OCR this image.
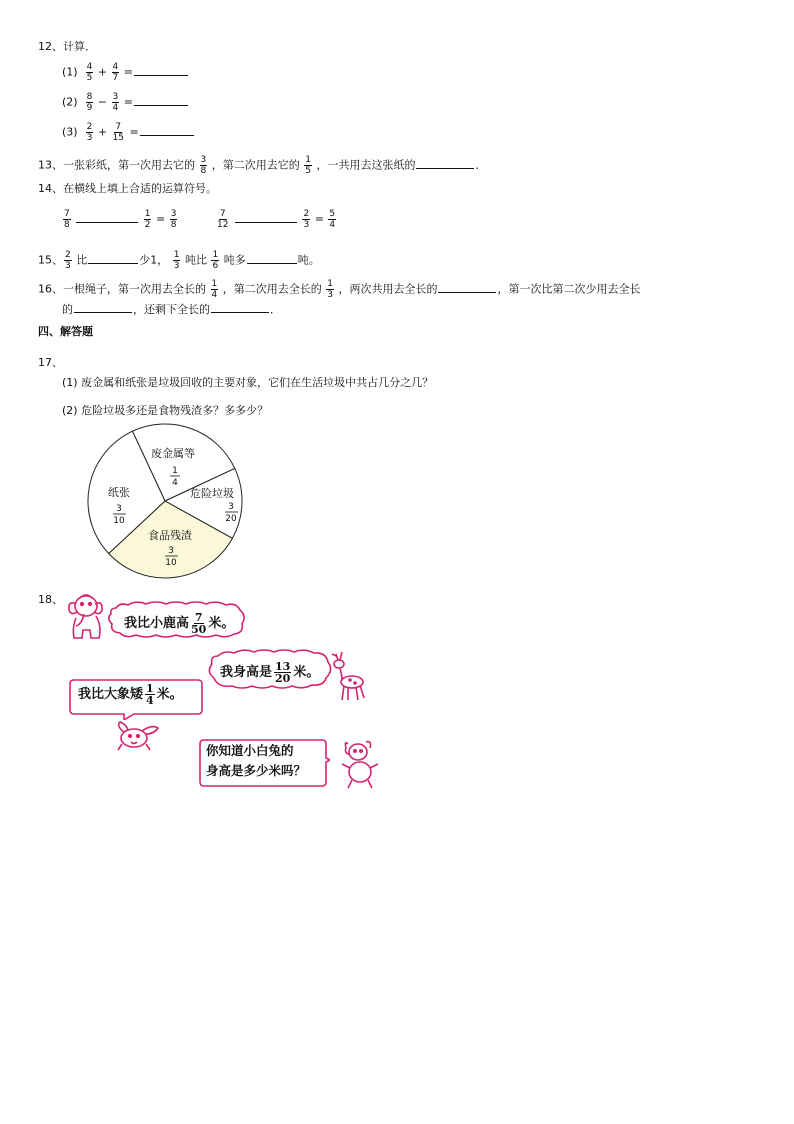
12、计算．
$(1) \frac{4}{5} + \frac{4}{7}$ =
$(2) \frac{8}{9} - \frac{3}{4}$ =
$(3) \frac{2}{3} + \frac{7}{15}$ =
13、一张彩纸，第一次用去它的 $\frac{3}{8}$ ，第二次用去它的 $\frac{1}{5}$ ，一共用去这张纸的	．
14、在横线上填上合适的运算符号。
$\frac{7}{8}$
	$\frac{1}{2} = \frac{3}{8}$	$\frac{7}{12}$
	$\frac{2}{3} = \frac{5}{4}$
15、 $\frac{2}{3}$ 比	少1， $\frac{1}{3}$ 吨比 $\frac{1}{6}$ 吨多	吨。
16、一根绳子，第一次用去全长的 $\frac{1}{4}$ ，第二次用去全长的 $\frac{1}{3}$ ，两次共用去全长的	，第一次比第二次少用去全长
的	，还剩下全长的	．
四、解答题
17、
(1) 废金属和纸张是垃圾回收的主要对象，它们在生活垃圾中共占几分之几？
(2) 危险垃圾多还是食物残渣多？多多少？
废金属等
1
4
危险垃圾
3
20
食品残渣
3
10
纸张
3
10
18、
我比小鹿高 $\frac{7}{50}$ 米。
我身高是 $\frac{13}{20}$ 米。
我比大象矮 $\frac{1}{4}$ 米。
你知道小白兔的
身高是多少米吗？
